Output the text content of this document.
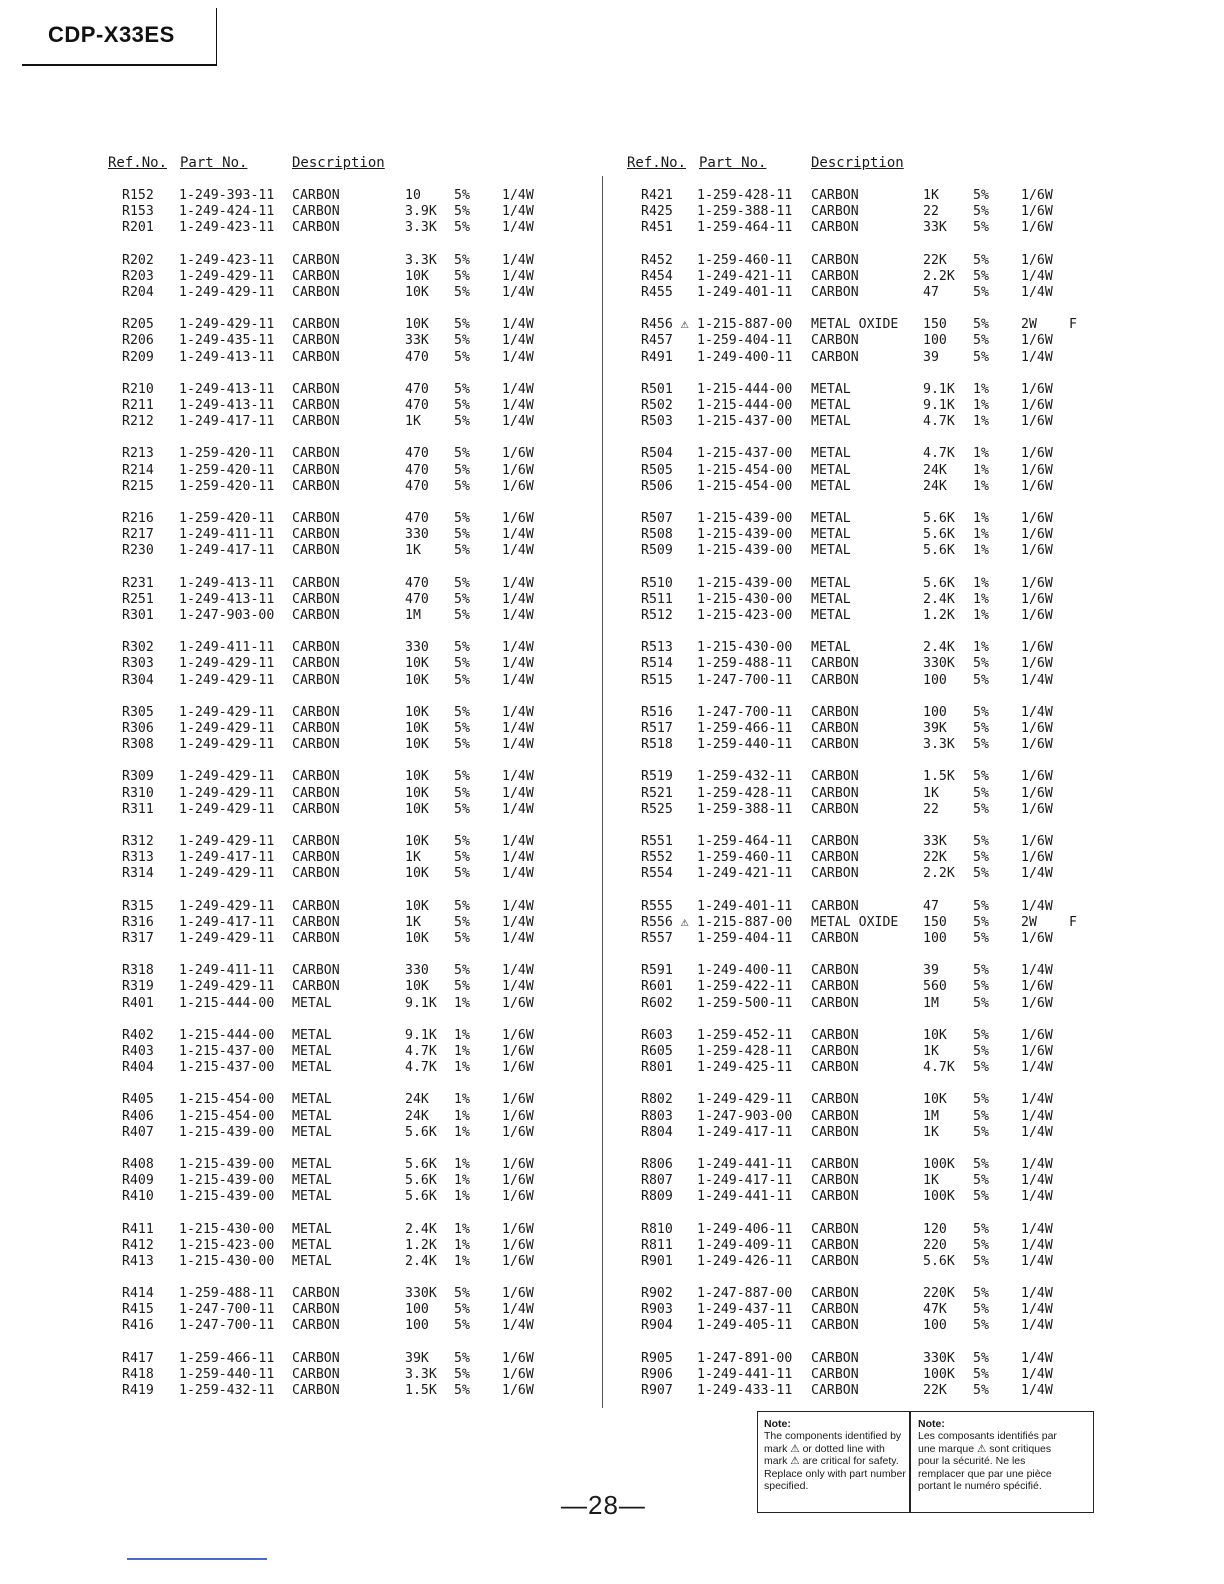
CDP-X33ES
Ref.No. Part No.	Description	Ref.No. Part No.	Description
R152 1-249-393-11 CARBON	10	5% 1/4W
R153 1-249-424-11 CARBON	3.9K 5% 1/4W
R201 1-249-423-11 CARBON	3.3K 5% 1/4W
R202 1-249-423-11 CARBON	3.3K 5% 1/4W
R203 1-249-429-11 CARBON	10K 5% 1/4W
R204 1-249-429-11 CARBON	10K 5% 1/4W
R205 1-249-429-11 CARBON	10K 5% 1/4W
R206 1-249-435-11 CARBON	33K 5% 1/4W
R209 1-249-413-11 CARBON	470 5% 1/4W
R210 1-249-413-11 CARBON	470 5% 1/4W
R211 1-249-413-11 CARBON	470 5% 1/4W
R212 1-249-417-11 CARBON	1K	5% 1/4W
R213 1-259-420-11 CARBON	470 5% 1/6W
R214 1-259-420-11 CARBON	470 5% 1/6W
R215 1-259-420-11 CARBON	470 5% 1/6W
R216 1-259-420-11 CARBON	470 5% 1/6W
R217 1-249-411-11 CARBON	330 5% 1/4W
R230 1-249-417-11 CARBON	1K	5% 1/4W
R231 1-249-413-11 CARBON	470 5% 1/4W
R251 1-249-413-11 CARBON	470 5% 1/4W
R301 1-247-903-00 CARBON	1M	5% 1/4W
R302 1-249-411-11 CARBON	330 5% 1/4W
R303 1-249-429-11 CARBON	10K 5% 1/4W
R304 1-249-429-11 CARBON	10K 5% 1/4W
R305 1-249-429-11 CARBON	10K 5% 1/4W
R306 1-249-429-11 CARBON	10K 5% 1/4W
R308 1-249-429-11 CARBON	10K 5% 1/4W
R309 1-249-429-11 CARBON	10K 5% 1/4W
R310 1-249-429-11 CARBON	10K 5% 1/4W
R311 1-249-429-11 CARBON	10K 5% 1/4W
R312 1-249-429-11 CARBON	10K 5% 1/4W
R313 1-249-417-11 CARBON	1K	5% 1/4W
R314 1-249-429-11 CARBON	10K 5% 1/4W
R315 1-249-429-11 CARBON	10K 5% 1/4W
R316 1-249-417-11 CARBON	1K	5% 1/4W
R317 1-249-429-11 CARBON	10K 5% 1/4W
R318 1-249-411-11 CARBON	330 5% 1/4W
R319 1-249-429-11 CARBON	10K 5% 1/4W
R401 1-215-444-00 METAL	9.1K 1% 1/6W
R402 1-215-444-00 METAL	9.1K 1% 1/6W
R403 1-215-437-00 METAL	4.7K 1% 1/6W
R404 1-215-437-00 METAL	4.7K 1% 1/6W
R405 1-215-454-00 METAL	24K 1% 1/6W
R406 1-215-454-00 METAL	24K 1% 1/6W
R407 1-215-439-00 METAL	5.6K 1% 1/6W
R408 1-215-439-00 METAL	5.6K 1% 1/6W
R409 1-215-439-00 METAL	5.6K 1% 1/6W
R410 1-215-439-00 METAL	5.6K 1% 1/6W
R411 1-215-430-00 METAL	2.4K 1% 1/6W
R412 1-215-423-00 METAL	1.2K 1% 1/6W
R413 1-215-430-00 METAL	2.4K 1% 1/6W
R414 1-259-488-11 CARBON	330K 5% 1/6W
R415 1-247-700-11 CARBON	100 5% 1/4W
R416 1-247-700-11 CARBON	100 5% 1/4W
R417 1-259-466-11 CARBON	39K 5% 1/6W
R418 1-259-440-11 CARBON	3.3K 5% 1/6W
R419 1-259-432-11 CARBON	1.5K 5% 1/6W
R421 1-259-428-11 CARBON	1K	5% 1/6W
R425 1-259-388-11 CARBON	22	5% 1/6W
R451 1-259-464-11 CARBON	33K 5% 1/6W
R452 1-259-460-11 CARBON	22K 5% 1/6W
R454 1-249-421-11 CARBON	2.2K 5% 1/4W
R455 1-249-401-11 CARBON	47	5% 1/4W
R456 ⚠ 1-215-887-00 METAL OXIDE 150 5% 2W F
R457 1-259-404-11 CARBON	100 5% 1/6W
R491 1-249-400-11 CARBON	39	5% 1/4W
R501 1-215-444-00 METAL	9.1K 1% 1/6W
R502 1-215-444-00 METAL	9.1K 1% 1/6W
R503 1-215-437-00 METAL	4.7K 1% 1/6W
R504 1-215-437-00 METAL	4.7K 1% 1/6W
R505 1-215-454-00 METAL	24K 1% 1/6W
R506 1-215-454-00 METAL	24K 1% 1/6W
R507 1-215-439-00 METAL	5.6K 1% 1/6W
R508 1-215-439-00 METAL	5.6K 1% 1/6W
R509 1-215-439-00 METAL	5.6K 1% 1/6W
R510 1-215-439-00 METAL	5.6K 1% 1/6W
R511 1-215-430-00 METAL	2.4K 1% 1/6W
R512 1-215-423-00 METAL	1.2K 1% 1/6W
R513 1-215-430-00 METAL	2.4K 1% 1/6W
R514 1-259-488-11 CARBON	330K 5% 1/6W
R515 1-247-700-11 CARBON	100 5% 1/4W
R516 1-247-700-11 CARBON	100 5% 1/4W
R517 1-259-466-11 CARBON	39K 5% 1/6W
R518 1-259-440-11 CARBON	3.3K 5% 1/6W
R519 1-259-432-11 CARBON	1.5K 5% 1/6W
R521 1-259-428-11 CARBON	1K	5% 1/6W
R525 1-259-388-11 CARBON	22	5% 1/6W
R551 1-259-464-11 CARBON	33K 5% 1/6W
R552 1-259-460-11 CARBON	22K 5% 1/6W
R554 1-249-421-11 CARBON	2.2K 5% 1/4W
R555 1-249-401-11 CARBON	47	5% 1/4W
R556 ⚠ 1-215-887-00 METAL OXIDE 150 5% 2W F
R557 1-259-404-11 CARBON	100 5% 1/6W
R591 1-249-400-11 CARBON	39	5% 1/4W
R601 1-259-422-11 CARBON	560 5% 1/6W
R602 1-259-500-11 CARBON	1M	5% 1/6W
R603 1-259-452-11 CARBON	10K 5% 1/6W
R605 1-259-428-11 CARBON	1K	5% 1/6W
R801 1-249-425-11 CARBON	4.7K 5% 1/4W
R802 1-249-429-11 CARBON	10K 5% 1/4W
R803 1-247-903-00 CARBON	1M	5% 1/4W
R804 1-249-417-11 CARBON	1K	5% 1/4W
R806 1-249-441-11 CARBON	100K 5% 1/4W
R807 1-249-417-11 CARBON	1K	5% 1/4W
R809 1-249-441-11 CARBON	100K 5% 1/4W
R810 1-249-406-11 CARBON	120 5% 1/4W
R811 1-249-409-11 CARBON	220 5% 1/4W
R901 1-249-426-11 CARBON	5.6K 5% 1/4W
R902 1-247-887-00 CARBON	220K 5% 1/4W
R903 1-249-437-11 CARBON	47K 5% 1/4W
R904 1-249-405-11 CARBON	100 5% 1/4W
R905 1-247-891-00 CARBON	330K 5% 1/4W
R906 1-249-441-11 CARBON	100K 5% 1/4W
R907 1-249-433-11 CARBON	22K 5% 1/4W
Note:
The components identified by mark ⚠ or dotted line with mark ⚠ are critical for safety. Replace only with part number specified.
Note:
Les composants identifiés par une marque ⚠ sont critiques pour la sécurité. Ne les remplacer que par une pièce portant le numéro spécifié.
—28—
